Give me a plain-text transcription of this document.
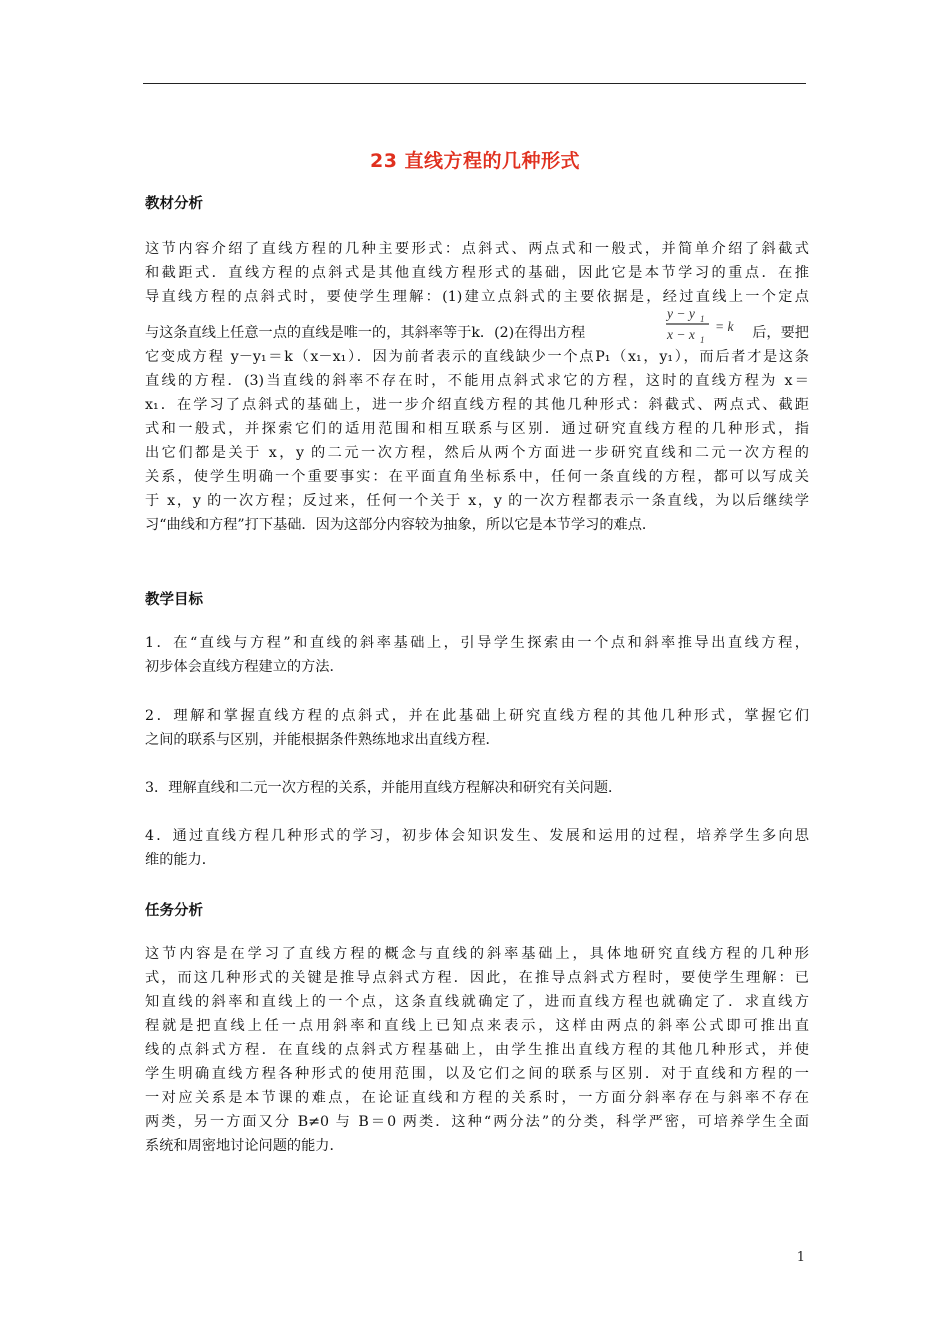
23 直线方程的几种形式
教材分析
这节内容介绍了直线方程的几种主要形式：点斜式、两点式和一般式，并简单介绍了斜截式
和截距式．直线方程的点斜式是其他直线方程形式的基础，因此它是本节学习的重点．在推
导直线方程的点斜式时，要使学生理解：(1)建立点斜式的主要依据是，经过直线上一个定点
与这条直线上任意一点的直线是唯一的，其斜率等于k．(2)在得出方程
y − y 1
x − x 1
= k 后，要把
它变成方程 y－y₁＝k（x－x₁）．因为前者表示的直线缺少一个点P₁（x₁，y₁），而后者才是这条
直线的方程．(3)当直线的斜率不存在时，不能用点斜式求它的方程，这时的直线方程为 x＝
x₁．在学习了点斜式的基础上，进一步介绍直线方程的其他几种形式：斜截式、两点式、截距
式和一般式，并探索它们的适用范围和相互联系与区别．通过研究直线方程的几种形式，指
出它们都是关于 x，y 的二元一次方程，然后从两个方面进一步研究直线和二元一次方程的
关系，使学生明确一个重要事实：在平面直角坐标系中，任何一条直线的方程，都可以写成关
于 x，y 的一次方程；反过来，任何一个关于 x，y 的一次方程都表示一条直线，为以后继续学
习“曲线和方程”打下基础．因为这部分内容较为抽象，所以它是本节学习的难点．
教学目标
1．在“直线与方程”和直线的斜率基础上，引导学生探索由一个点和斜率推导出直线方程，
初步体会直线方程建立的方法．
2．理解和掌握直线方程的点斜式，并在此基础上研究直线方程的其他几种形式，掌握它们
之间的联系与区别，并能根据条件熟练地求出直线方程．
3．理解直线和二元一次方程的关系，并能用直线方程解决和研究有关问题．
4．通过直线方程几种形式的学习，初步体会知识发生、发展和运用的过程，培养学生多向思
维的能力．
任务分析
这节内容是在学习了直线方程的概念与直线的斜率基础上，具体地研究直线方程的几种形
式，而这几种形式的关键是推导点斜式方程．因此，在推导点斜式方程时，要使学生理解：已
知直线的斜率和直线上的一个点，这条直线就确定了，进而直线方程也就确定了．求直线方
程就是把直线上任一点用斜率和直线上已知点来表示，这样由两点的斜率公式即可推出直
线的点斜式方程．在直线的点斜式方程基础上，由学生推出直线方程的其他几种形式，并使
学生明确直线方程各种形式的使用范围，以及它们之间的联系与区别．对于直线和方程的一
一对应关系是本节课的难点，在论证直线和方程的关系时，一方面分斜率存在与斜率不存在
两类，另一方面又分 B≠0 与 B＝0 两类．这种“两分法”的分类，科学严密，可培养学生全面
系统和周密地讨论问题的能力．
1
